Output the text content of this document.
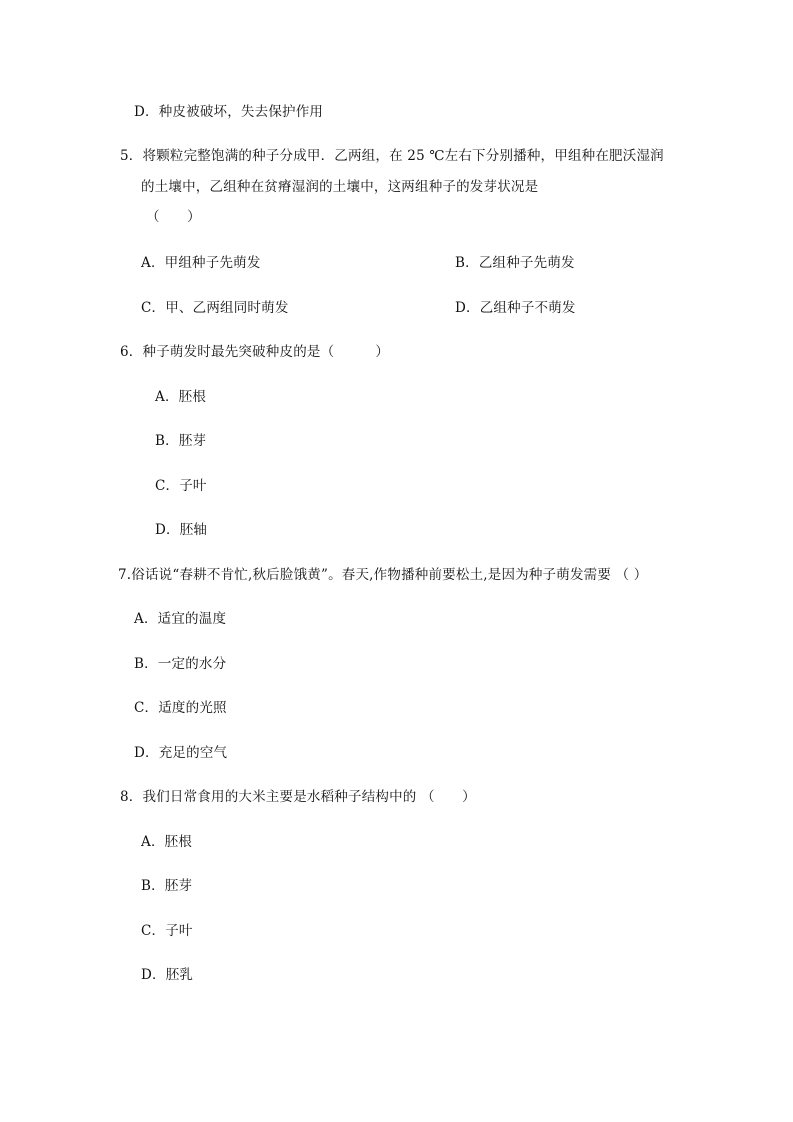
D．种皮被破坏，失去保护作用
5．将颗粒完整饱满的种子分成甲．乙两组，在 25 ℃左右下分别播种，甲组种在肥沃湿润
的土壤中，乙组种在贫瘠湿润的土壤中，这两组种子的发芽状况是
（　　）
A．甲组种子先萌发	B．乙组种子先萌发
C．甲、乙两组同时萌发	D．乙组种子不萌发
6．种子萌发时最先突破种皮的是（　　　）
A．胚根
B．胚芽
C．子叶
D．胚轴
7.俗话说“春耕不肯忙,秋后脸饿黄”。春天,作物播种前要松土,是因为种子萌发需要 （ ）
A．适宜的温度
B．一定的水分
C．适度的光照
D．充足的空气
8．我们日常食用的大米主要是水稻种子结构中的 （　　）
A．胚根
B．胚芽
C．子叶
D．胚乳
